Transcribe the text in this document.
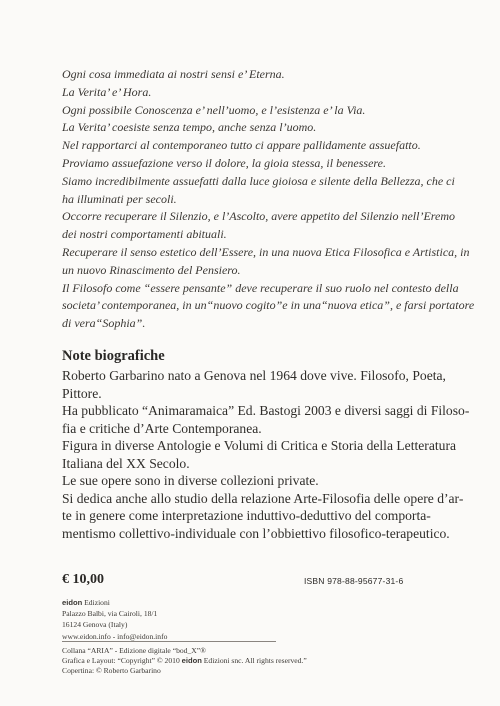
Ogni cosa immediata ai nostri sensi e’ Eterna.
La Verita’ e’ Hora.
Ogni possibile Conoscenza e’ nell’uomo, e l’esistenza e’ la Via.
La Verita’ coesiste senza tempo, anche senza l’uomo.
Nel rapportarci al contemporaneo tutto ci appare pallidamente assuefatto.
Proviamo assuefazione verso il dolore, la gioia stessa, il benessere.
Siamo incredibilmente assuefatti dalla luce gioiosa e silente della Bellezza, che ci
ha illuminati per secoli.
Occorre recuperare il Silenzio, e l’Ascolto, avere appetito del Silenzio nell’Eremo
dei nostri comportamenti abituali.
Recuperare il senso estetico dell’Essere, in una nuova Etica Filosofica e Artistica, in
un nuovo Rinascimento del Pensiero.
Il Filosofo come “essere pensante” deve recuperare il suo ruolo nel contesto della
societa’ contemporanea, in un“nuovo cogito”e in una“nuova etica”, e farsi portatore
di vera“Sophia”.
Note biografiche
Roberto Garbarino nato a Genova nel 1964 dove vive. Filosofo, Poeta,
Pittore.
Ha pubblicato “Animaramaica” Ed. Bastogi 2003 e diversi saggi di Filoso-
fia e critiche d’Arte Contemporanea.
Figura in diverse Antologie e Volumi di Critica e Storia della Letteratura
Italiana del XX Secolo.
Le sue opere sono in diverse collezioni private.
Si dedica anche allo studio della relazione Arte-Filosofia delle opere d’ar-
te in genere come interpretazione induttivo-deduttivo del comporta-
mentismo collettivo-individuale con l’obbiettivo filosofico-terapeutico.
€ 10,00	ISBN 978-88-95677-31-6
eidon Edizioni
Palazzo Balbi, via Cairoli, 18/1
16124 Genova (Italy)
www.eidon.info - info@eidon.info
Collana “ARIA” - Edizione digitale “bod_X”®
Grafica e Layout: “Copyright” © 2010 eidon Edizioni snc. All rights reserved.”
Copertina: © Roberto Garbarino
